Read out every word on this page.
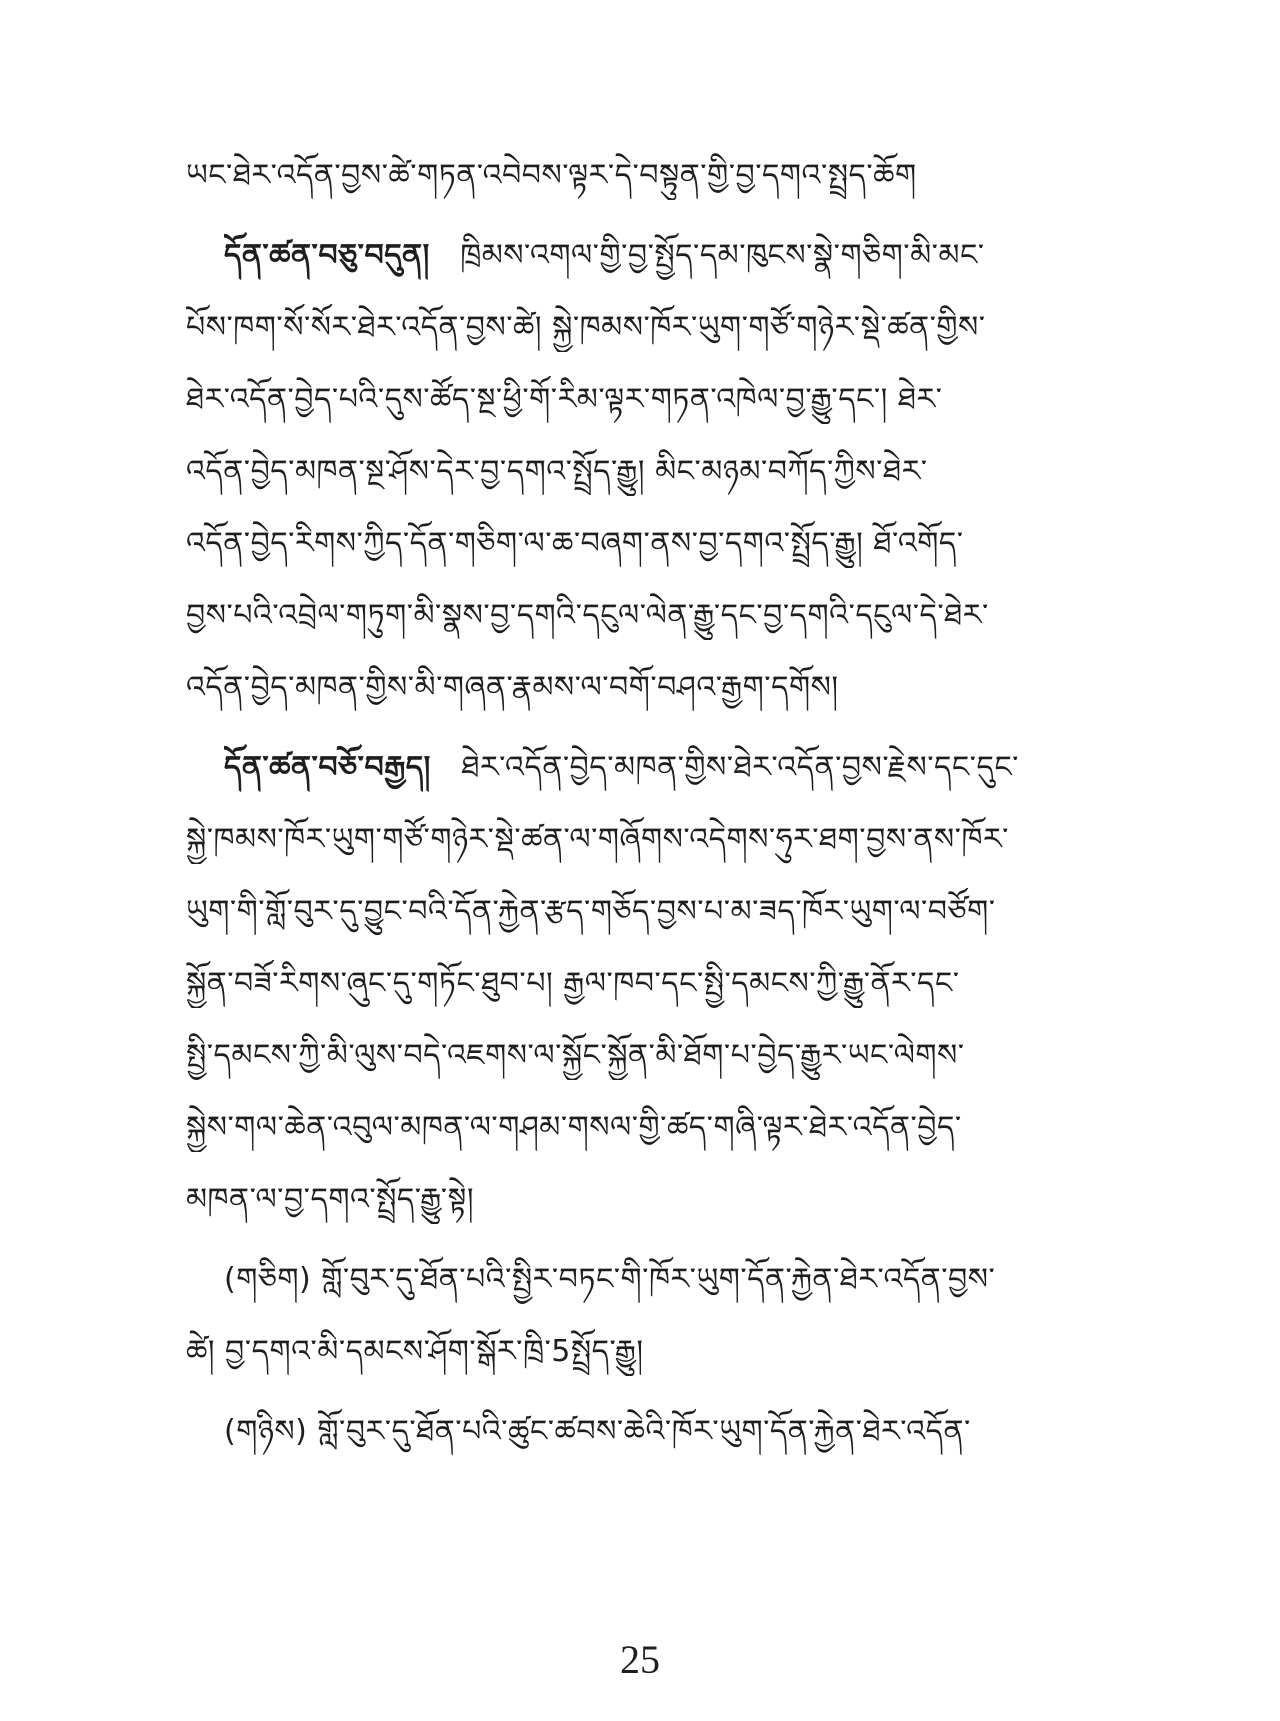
ཡང་ཐེར་འདོན་བྱས་ཚེ་གཏན་འབེབས་ལྟར་དེ་བསྟུན་གྱི་བྱ་དགའ་སྤྲད་ཆོག
དོན་ཚན་བཅུ་བདུན།  ཁྲིམས་འགལ་གྱི་བྱ་སྤྱོད་དམ་ཁུངས་སྣེ་གཅིག་མི་མང་
པོས་ཁག་སོ་སོར་ཐེར་འདོན་བྱས་ཚེ། སྐྱེ་ཁམས་ཁོར་ཡུག་གཙོ་གཉེར་སྡེ་ཚན་གྱིས་
ཐེར་འདོན་བྱེད་པའི་དུས་ཚོད་སྔ་ཕྱི་གོ་རིམ་ལྟར་གཏན་འཁེལ་བྱ་རྒྱུ་དང་། ཐེར་
འདོན་བྱེད་མཁན་སྔ་ཤོས་དེར་བྱ་དགའ་སྤྲོད་རྒྱུ། མིང་མཉམ་བཀོད་ཀྱིས་ཐེར་
འདོན་བྱེད་རིགས་ཀྱིད་དོན་གཅིག་ལ་ཆ་བཞག་ནས་བྱ་དགའ་སྤྲོད་རྒྱུ། ཐོ་འགོད་
བྱས་པའི་འབྲེལ་གཏུག་མི་སྣས་བྱ་དགའི་དངུལ་ལེན་རྒྱུ་དང་བྱ་དགའི་དངུལ་དེ་ཐེར་
འདོན་བྱེད་མཁན་གྱིས་མི་གཞན་རྣམས་ལ་བགོ་བཤའ་རྒྱག་དགོས།
དོན་ཚན་བཅོ་བརྒྱད།  ཐེར་འདོན་བྱེད་མཁན་གྱིས་ཐེར་འདོན་བྱས་རྗེས་དང་དུང་
སྐྱེ་ཁམས་ཁོར་ཡུག་གཙོ་གཉེར་སྡེ་ཚན་ལ་གཞོགས་འདེགས་ཧུར་ཐག་བྱས་ནས་ཁོར་
ཡུག་གི་གློ་བུར་དུ་བྱུང་བའི་དོན་རྐྱེན་རྩད་གཅོད་བྱས་པ་མ་ཟད་ཁོར་ཡུག་ལ་བཙོག་
སྐྱོན་བཟོ་རིགས་ཞུང་དུ་གཏོང་ཐུབ་པ། རྒྱལ་ཁབ་དང་སྤྱི་དམངས་ཀྱི་རྒྱུ་ནོར་དང་
སྤྱི་དམངས་ཀྱི་མི་ལུས་བདེ་འཇགས་ལ་སྐྱོང་སྐྱོན་མི་ཐོག་པ་བྱེད་རྒྱུར་ཡང་ལེགས་
སྐྱེས་གལ་ཆེན་འབུལ་མཁན་ལ་གཤམ་གསལ་གྱི་ཚད་གཞི་ལྟར་ཐེར་འདོན་བྱེད་
མཁན་ལ་བྱ་དགའ་སྤྲོད་རྒྱུ་སྟེ།
(གཅིག) གློ་བུར་དུ་ཐོན་པའི་སྤྱིར་བཏང་གི་ཁོར་ཡུག་དོན་རྐྱེན་ཐེར་འདོན་བྱས་
ཚེ། བྱ་དགའ་མི་དམངས་ཤོག་སྒོར་ཁྲི་5སྤྲོད་རྒྱུ།
(གཉིས) གློ་བུར་དུ་ཐོན་པའི་ཚུང་ཚབས་ཆེའི་ཁོར་ཡུག་དོན་རྐྱེན་ཐེར་འདོན་
25
